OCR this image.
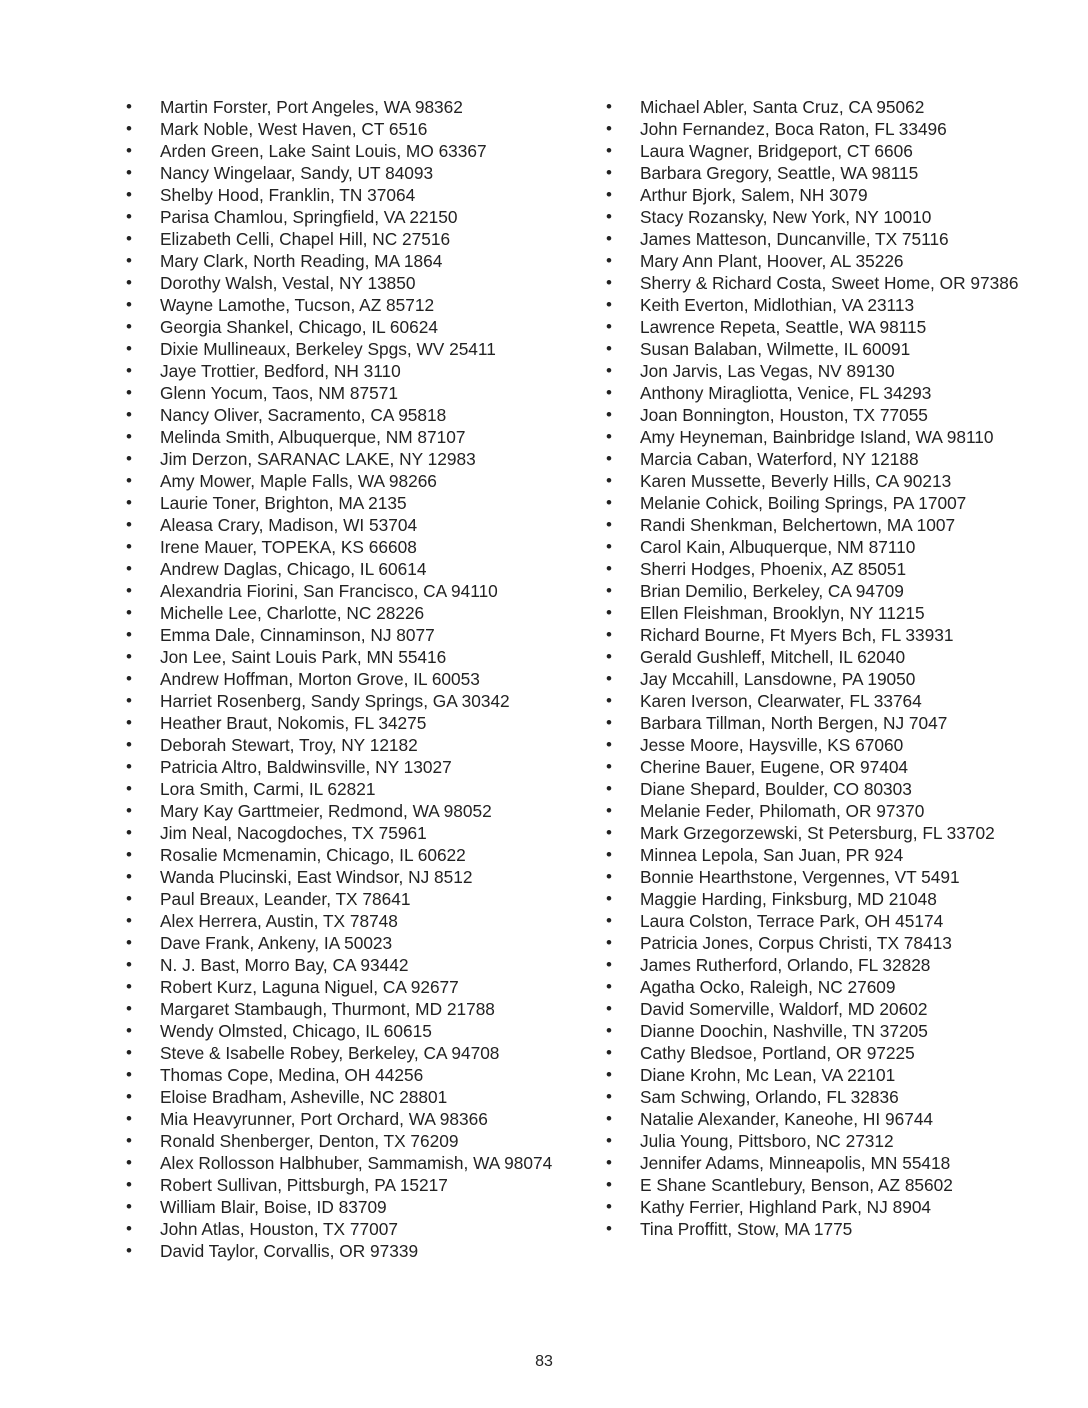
• Martin Forster, Port Angeles, WA 98362
• Mark Noble, West Haven, CT 6516
• Arden Green, Lake Saint Louis, MO 63367
• Nancy Wingelaar, Sandy, UT 84093
• Shelby Hood, Franklin, TN 37064
• Parisa Chamlou, Springfield, VA 22150
• Elizabeth Celli, Chapel Hill, NC 27516
• Mary Clark, North Reading, MA 1864
• Dorothy Walsh, Vestal, NY 13850
• Wayne Lamothe, Tucson, AZ 85712
• Georgia Shankel, Chicago, IL 60624
• Dixie Mullineaux, Berkeley Spgs, WV 25411
• Jaye Trottier, Bedford, NH 3110
• Glenn Yocum, Taos, NM 87571
• Nancy Oliver, Sacramento, CA 95818
• Melinda Smith, Albuquerque, NM 87107
• Jim Derzon, SARANAC LAKE, NY 12983
• Amy Mower, Maple Falls, WA 98266
• Laurie Toner, Brighton, MA 2135
• Aleasa Crary, Madison, WI 53704
• Irene Mauer, TOPEKA, KS 66608
• Andrew Daglas, Chicago, IL 60614
• Alexandria Fiorini, San Francisco, CA 94110
• Michelle Lee, Charlotte, NC 28226
• Emma Dale, Cinnaminson, NJ 8077
• Jon Lee, Saint Louis Park, MN 55416
• Andrew Hoffman, Morton Grove, IL 60053
• Harriet Rosenberg, Sandy Springs, GA 30342
• Heather Braut, Nokomis, FL 34275
• Deborah Stewart, Troy, NY 12182
• Patricia Altro, Baldwinsville, NY 13027
• Lora Smith, Carmi, IL 62821
• Mary Kay Garttmeier, Redmond, WA 98052
• Jim Neal, Nacogdoches, TX 75961
• Rosalie Mcmenamin, Chicago, IL 60622
• Wanda Plucinski, East Windsor, NJ 8512
• Paul Breaux, Leander, TX 78641
• Alex Herrera, Austin, TX 78748
• Dave Frank, Ankeny, IA 50023
• N. J. Bast, Morro Bay, CA 93442
• Robert Kurz, Laguna Niguel, CA 92677
• Margaret Stambaugh, Thurmont, MD 21788
• Wendy Olmsted, Chicago, IL 60615
• Steve & Isabelle Robey, Berkeley, CA 94708
• Thomas Cope, Medina, OH 44256
• Eloise Bradham, Asheville, NC 28801
• Mia Heavyrunner, Port Orchard, WA 98366
• Ronald Shenberger, Denton, TX 76209
• Alex Rollosson Halbhuber, Sammamish, WA 98074
• Robert Sullivan, Pittsburgh, PA 15217
• William Blair, Boise, ID 83709
• John Atlas, Houston, TX 77007
• David Taylor, Corvallis, OR 97339
• Michael Abler, Santa Cruz, CA 95062
• John Fernandez, Boca Raton, FL 33496
• Laura Wagner, Bridgeport, CT 6606
• Barbara Gregory, Seattle, WA 98115
• Arthur Bjork, Salem, NH 3079
• Stacy Rozansky, New York, NY 10010
• James Matteson, Duncanville, TX 75116
• Mary Ann Plant, Hoover, AL 35226
• Sherry & Richard Costa, Sweet Home, OR 97386
• Keith Everton, Midlothian, VA 23113
• Lawrence Repeta, Seattle, WA 98115
• Susan Balaban, Wilmette, IL 60091
• Jon Jarvis, Las Vegas, NV 89130
• Anthony Miragliotta, Venice, FL 34293
• Joan Bonnington, Houston, TX 77055
• Amy Heyneman, Bainbridge Island, WA 98110
• Marcia Caban, Waterford, NY 12188
• Karen Mussette, Beverly Hills, CA 90213
• Melanie Cohick, Boiling Springs, PA 17007
• Randi Shenkman, Belchertown, MA 1007
• Carol Kain, Albuquerque, NM 87110
• Sherri Hodges, Phoenix, AZ 85051
• Brian Demilio, Berkeley, CA 94709
• Ellen Fleishman, Brooklyn, NY 11215
• Richard Bourne, Ft Myers Bch, FL 33931
• Gerald Gushleff, Mitchell, IL 62040
• Jay Mccahill, Lansdowne, PA 19050
• Karen Iverson, Clearwater, FL 33764
• Barbara Tillman, North Bergen, NJ 7047
• Jesse Moore, Haysville, KS 67060
• Cherine Bauer, Eugene, OR 97404
• Diane Shepard, Boulder, CO 80303
• Melanie Feder, Philomath, OR 97370
• Mark Grzegorzewski, St Petersburg, FL 33702
• Minnea Lepola, San Juan, PR 924
• Bonnie Hearthstone, Vergennes, VT 5491
• Maggie Harding, Finksburg, MD 21048
• Laura Colston, Terrace Park, OH 45174
• Patricia Jones, Corpus Christi, TX 78413
• James Rutherford, Orlando, FL 32828
• Agatha Ocko, Raleigh, NC 27609
• David Somerville, Waldorf, MD 20602
• Dianne Doochin, Nashville, TN 37205
• Cathy Bledsoe, Portland, OR 97225
• Diane Krohn, Mc Lean, VA 22101
• Sam Schwing, Orlando, FL 32836
• Natalie Alexander, Kaneohe, HI 96744
• Julia Young, Pittsboro, NC 27312
• Jennifer Adams, Minneapolis, MN 55418
• E Shane Scantlebury, Benson, AZ 85602
• Kathy Ferrier, Highland Park, NJ 8904
• Tina Proffitt, Stow, MA 1775
83
